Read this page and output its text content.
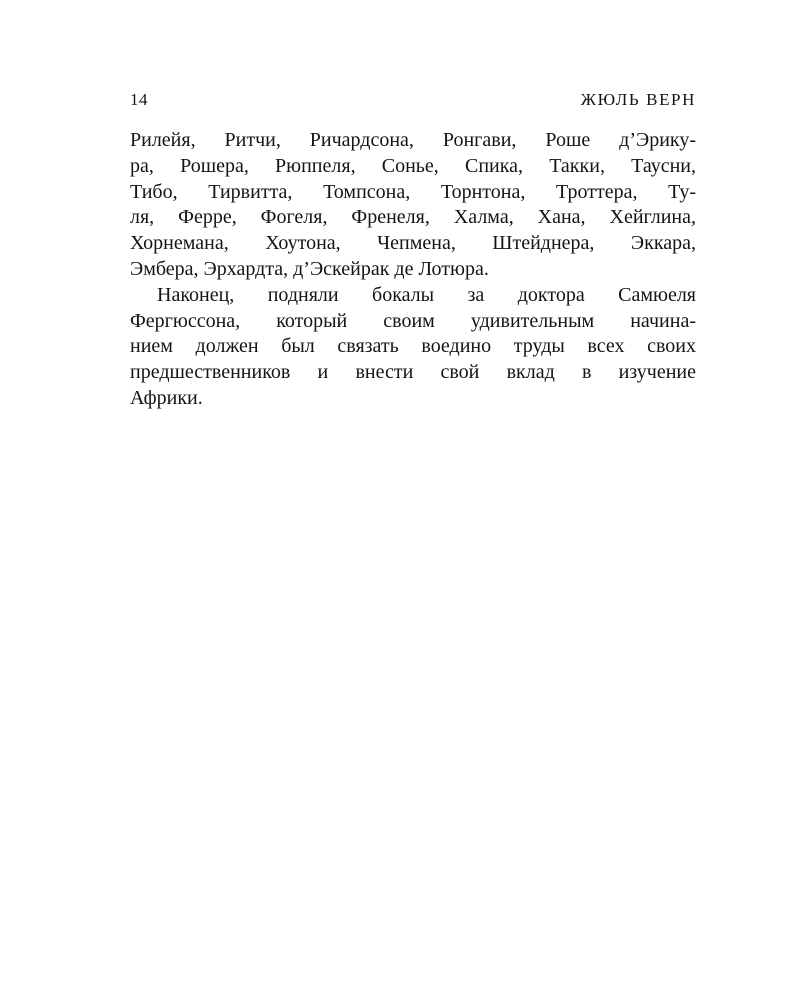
14	ЖЮЛЬ ВЕРН
Рилейя, Ритчи, Ричардсона, Ронгави, Роше д’Эрику-
ра, Рошера, Рюппеля, Сонье, Спика, Такки, Таусни,
Тибо, Тирвитта, Томпсона, Торнтона, Троттера, Ту-
ля, Ферре, Фогеля, Френеля, Халма, Хана, Хейглина,
Хорнемана, Хоутона, Чепмена, Штейднера, Эккара,
Эмбера, Эрхардта, д’Эскейрак де Лотюра.
Наконец, подняли бокалы за доктора Самюеля
Фергюссона, который своим удивительным начина-
нием должен был связать воедино труды всех своих
предшественников и внести свой вклад в изучение
Африки.
